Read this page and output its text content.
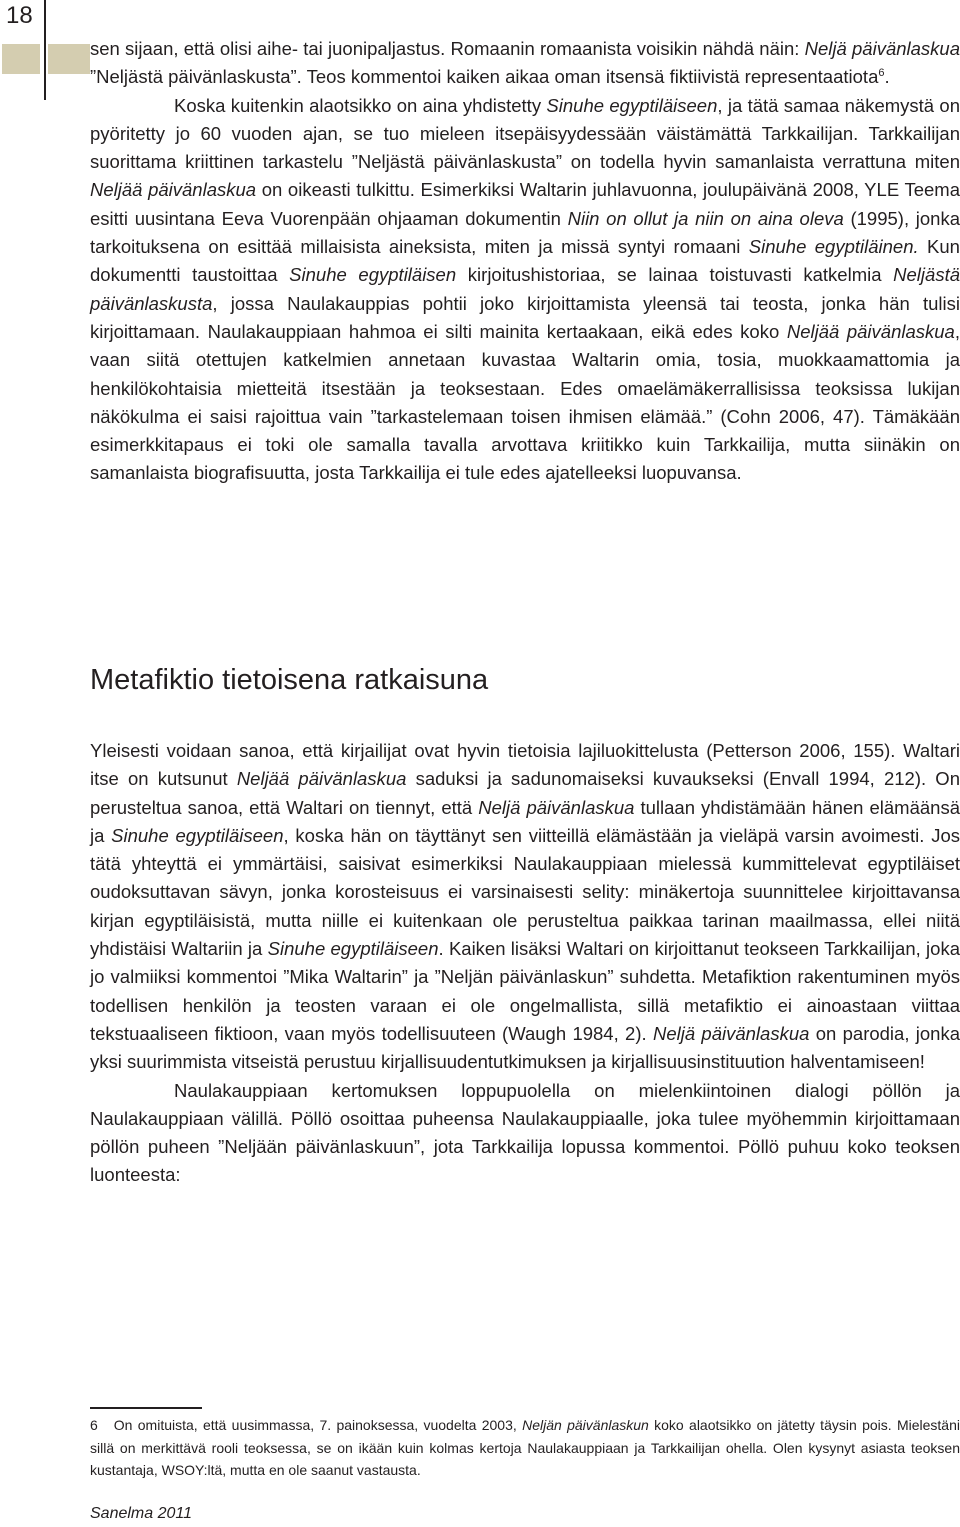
18

sen sijaan, että olisi aihe- tai juonipaljastus. Romaanin romaanista voisikin nähdä näin: Neljä päivänlaskua ”Neljästä päivänlaskusta”. Teos kommentoi kaiken aikaa oman itsensä fiktiivistä representaatiota$^6$.

Koska kuitenkin alaotsikko on aina yhdistetty Sinuhe egyptiläiseen, ja tätä samaa näkemystä on pyöritetty jo 60 vuoden ajan, se tuo mieleen itsepäisyydessään väistämättä Tarkkailijan. Tarkkailijan suorittama kriittinen tarkastelu ”Neljästä päivänlaskusta” on todella hyvin samanlaista verrattuna miten Neljää päivänlaskua on oikeasti tulkittu. Esimerkiksi Waltarin juhlavuonna, joulupäivänä 2008, YLE Teema esitti uusintana Eeva Vuorenpään ohjaaman dokumentin Niin on ollut ja niin on aina oleva (1995), jonka tarkoituksena on esittää millaisista aineksista, miten ja missä syntyi romaani Sinuhe egyptiläinen. Kun dokumentti taustoittaa Sinuhe egyptiläisen kirjoitushistoriaa, se lainaa toistuvasti katkelmia Neljästä päivänlaskusta, jossa Naulakauppias pohtii joko kirjoittamista yleensä tai teosta, jonka hän tulisi kirjoittamaan. Naulakauppiaan hahmoa ei silti mainita kertaakaan, eikä edes koko Neljää päivänlaskua, vaan siitä otettujen katkelmien annetaan kuvastaa Waltarin omia, tosia, muokkaamattomia ja henkilökohtaisia mietteitä itsestään ja teoksestaan. Edes omaelämäkerrallisissa teoksissa lukijan näkökulma ei saisi rajoittua vain ”tarkastelemaan toisen ihmisen elämää.” (Cohn 2006, 47). Tämäkään esimerkkitapaus ei toki ole samalla tavalla arvottava kriitikko kuin Tarkkailija, mutta siinäkin on samanlaista biografisuutta, josta Tarkkailija ei tule edes ajatelleeksi luopuvansa.

Metafiktio tietoisena ratkaisuna

Yleisesti voidaan sanoa, että kirjailijat ovat hyvin tietoisia lajiluokittelusta (Petterson 2006, 155). Waltari itse on kutsunut Neljää päivänlaskua saduksi ja sadunomaiseksi kuvaukseksi (Envall 1994, 212). On perusteltua sanoa, että Waltari on tiennyt, että Neljä päivänlaskua tullaan yhdistämään hänen elämäänsä ja Sinuhe egyptiläiseen, koska hän on täyttänyt sen viitteillä elämästään ja vieläpä varsin avoimesti. Jos tätä yhteyttä ei ymmärtäisi, saisivat esimerkiksi Naulakauppiaan mielessä kummittelevat egyptiläiset oudoksuttavan sävyn, jonka korosteisuus ei varsinaisesti selity: minäkertoja suunnittelee kirjoittavansa kirjan egyptiläisistä, mutta niille ei kuitenkaan ole perusteltua paikkaa tarinan maailmassa, ellei niitä yhdistäisi Waltariin ja Sinuhe egyptiläiseen. Kaiken lisäksi Waltari on kirjoittanut teokseen Tarkkailijan, joka jo valmiiksi kommentoi ”Mika Waltarin” ja ”Neljän päivänlaskun” suhdetta. Metafiktion rakentuminen myös todellisen henkilön ja teosten varaan ei ole ongelmallista, sillä metafiktio ei ainoastaan viittaa tekstuaaliseen fiktioon, vaan myös todellisuuteen (Waugh 1984, 2). Neljä päivänlaskua on parodia, jonka yksi suurimmista vitseistä perustuu kirjallisuudentutkimuksen ja kirjallisuusinstituution halventamiseen!

Naulakauppiaan kertomuksen loppupuolella on mielenkiintoinen dialogi pöllön ja Naulakauppiaan välillä. Pöllö osoittaa puheensa Naulakauppiaalle, joka tulee myöhemmin kirjoittamaan pöllön puheen ”Neljään päivänlaskuun”, jota Tarkkailija lopussa kommentoi. Pöllö puhuu koko teoksen luonteesta:

6 On omituista, että uusimmassa, 7. painoksessa, vuodelta 2003, Neljän päivänlaskun koko alaotsikko on jätetty täysin pois. Mielestäni sillä on merkittävä rooli teoksessa, se on ikään kuin kolmas kertoja Naulakauppiaan ja Tarkkailijan ohella. Olen kysynyt asiasta teoksen kustantaja, WSOY:ltä, mutta en ole saanut vastausta.

Sanelma 2011
